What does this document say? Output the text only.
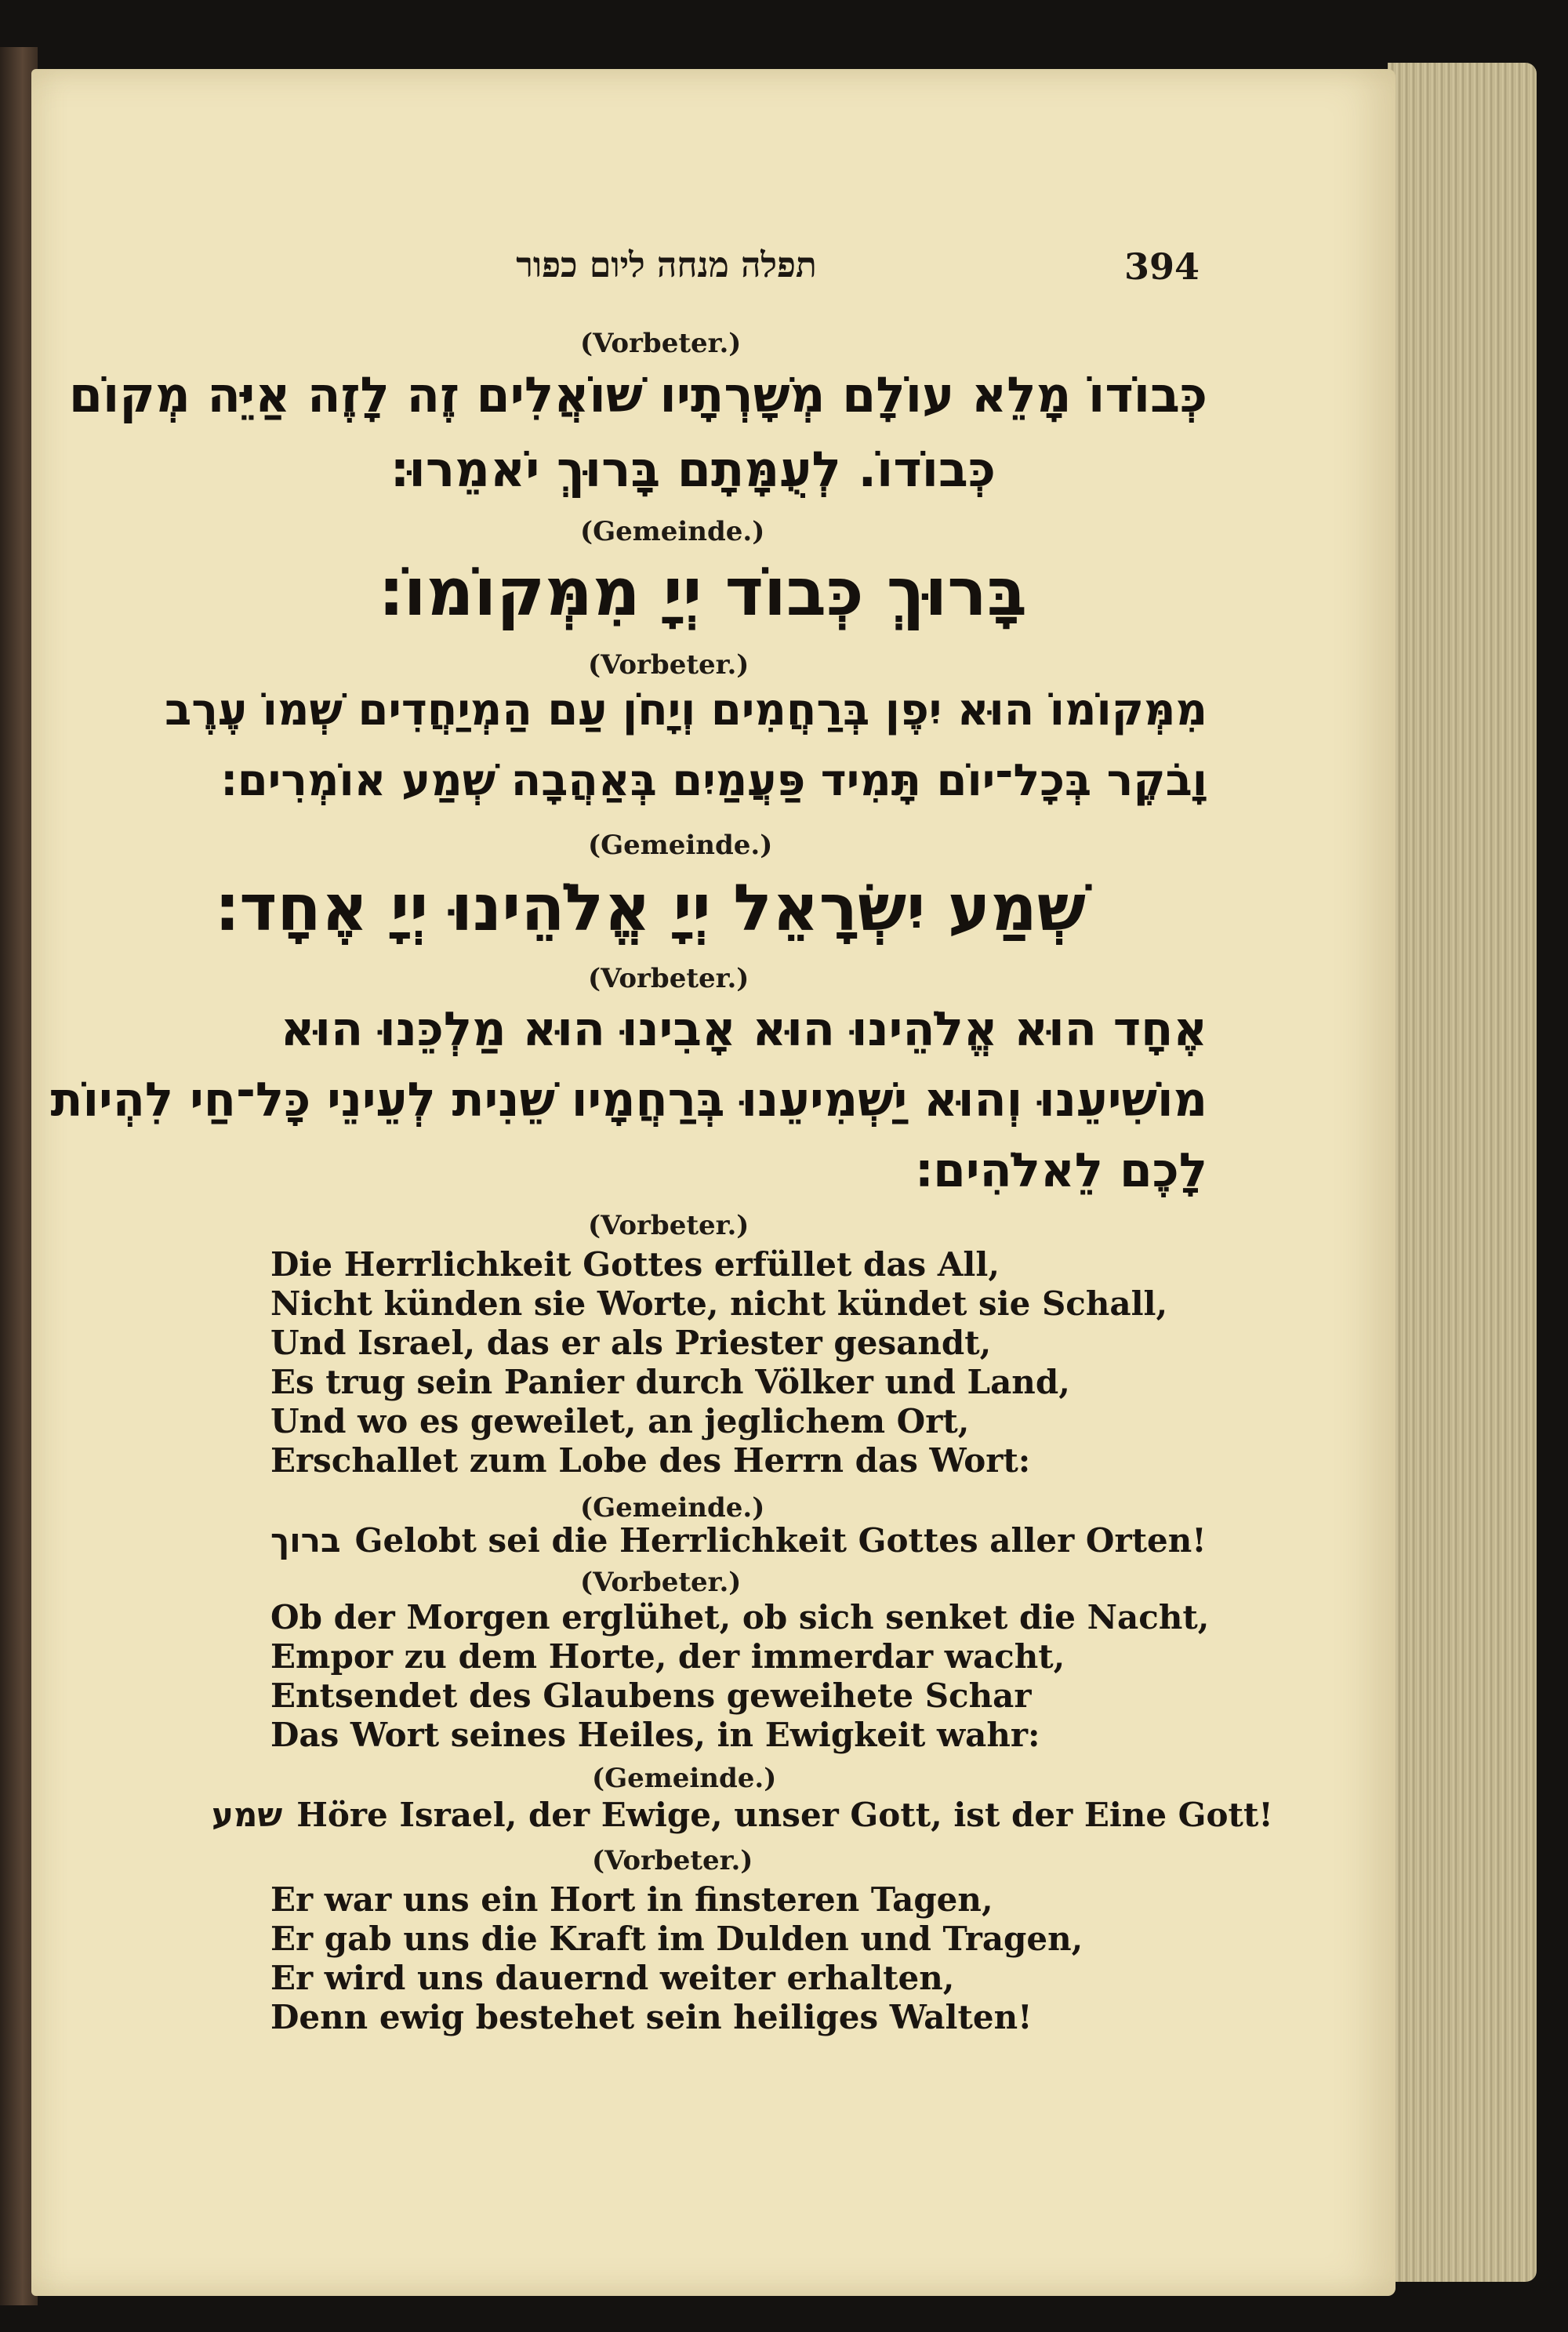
תפלה מנחה ליום כפור	394
(Vorbeter.)
כְּבוֹדוֹ מָלֵא עוֹלָם מְשָׁרְתָיו שׁוֹאֲלִים זֶה לָזֶה אַיֵּה מְקוֹם
כְּבוֹדוֹ. לְעֻמָּתָם בָּרוּךְ יֹאמֵרוּ׃
(Gemeinde.)
בָּרוּךְ כְּבוֹד יְיָ מִמְּקוֹמוֹ׃
(Vorbeter.)
מִמְּקוֹמוֹ הוּא יִפֶן בְּרַחֲמִים וְיָחֹן עַם הַמְיַחֲדִים שְׁמוֹ עֶרֶב
וָבֹקֶר בְּכָל־יוֹם תָּמִיד פַּעֲמַיִם בְּאַהֲבָה שְׁמַע אוֹמְרִים׃
(Gemeinde.)
שְׁמַע יִשְׂרָאֵל יְיָ אֱלֹהֵינוּ יְיָ אֶחָד׃
(Vorbeter.)
אֶחָד הוּא אֱלֹהֵינוּ הוּא אָבִינוּ הוּא מַלְכֵּנוּ הוּא
מוֹשִׁיעֵנוּ וְהוּא יַשְׁמִיעֵנוּ בְּרַחֲמָיו שֵׁנִית לְעֵינֵי כָּל־חַי לִהְיוֹת
לָכֶם לֵאלֹהִים׃
(Vorbeter.)
Die Herrlichkeit Gottes erfüllet das All,
Nicht künden sie Worte, nicht kündet sie Schall,
Und Israel, das er als Priester gesandt,
Es trug sein Panier durch Völker und Land,
Und wo es geweilet, an jeglichem Ort,
Erschallet zum Lobe des Herrn das Wort:
(Gemeinde.)
ברוך Gelobt sei die Herrlichkeit Gottes aller Orten!
(Vorbeter.)
Ob der Morgen erglühet, ob sich senket die Nacht,
Empor zu dem Horte, der immerdar wacht,
Entsendet des Glaubens geweihete Schar
Das Wort seines Heiles, in Ewigkeit wahr:
(Gemeinde.)
שמע Höre Israel, der Ewige, unser Gott, ist der Eine Gott!
(Vorbeter.)
Er war uns ein Hort in finsteren Tagen,
Er gab uns die Kraft im Dulden und Tragen,
Er wird uns dauernd weiter erhalten,
Denn ewig bestehet sein heiliges Walten!
